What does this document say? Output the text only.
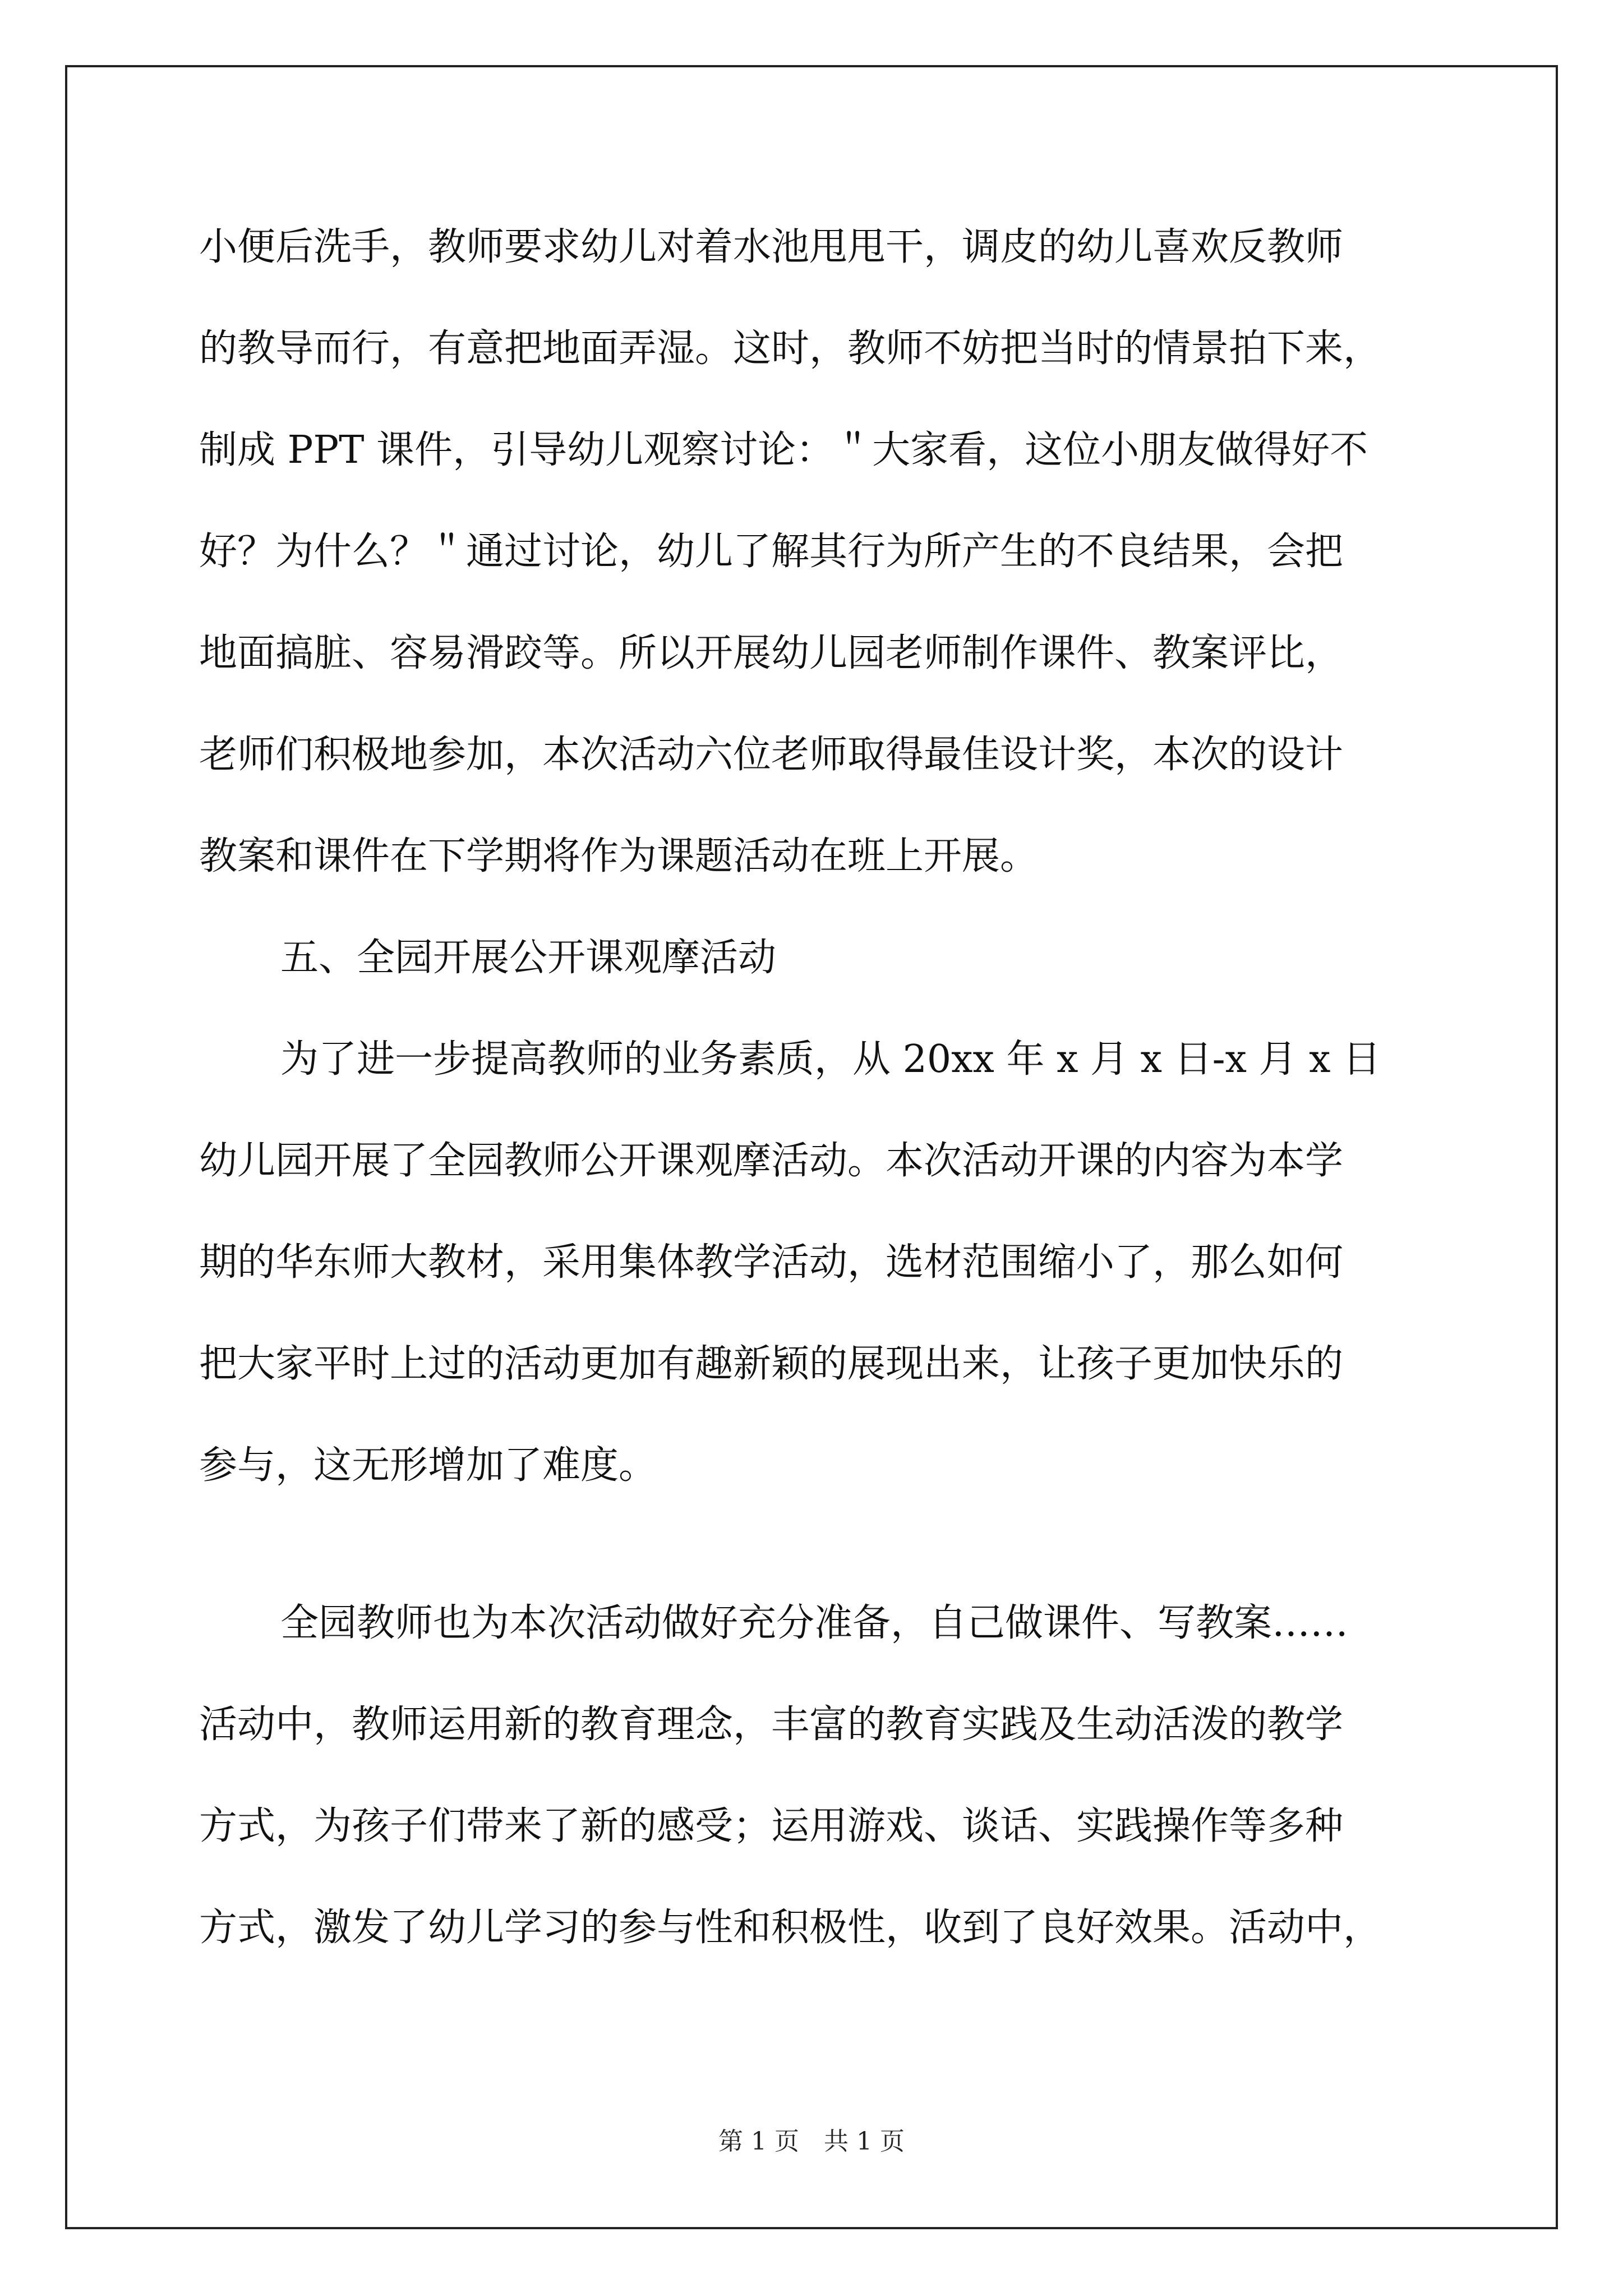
小便后洗手，教师要求幼儿对着水池甩甩干，调皮的幼儿喜欢反教师
的教导而行，有意把地面弄湿。这时，教师不妨把当时的情景拍下来，
制成 PPT 课件，引导幼儿观察讨论：＂大家看，这位小朋友做得好不
好？为什么？＂通过讨论，幼儿了解其行为所产生的不良结果，会把
地面搞脏、容易滑跤等。所以开展幼儿园老师制作课件、教案评比，
老师们积极地参加，本次活动六位老师取得最佳设计奖，本次的设计
教案和课件在下学期将作为课题活动在班上开展。
五、全园开展公开课观摩活动
为了进一步提高教师的业务素质，从 20xx 年 x 月 x 日-x 月 x 日
幼儿园开展了全园教师公开课观摩活动。本次活动开课的内容为本学
期的华东师大教材，采用集体教学活动，选材范围缩小了，那么如何
把大家平时上过的活动更加有趣新颖的展现出来，让孩子更加快乐的
参与，这无形增加了难度。
全园教师也为本次活动做好充分准备，自己做课件、写教案……
活动中，教师运用新的教育理念，丰富的教育实践及生动活泼的教学
方式，为孩子们带来了新的感受；运用游戏、谈话、实践操作等多种
方式，激发了幼儿学习的参与性和积极性，收到了良好效果。活动中，
第 1 页　共 1 页
